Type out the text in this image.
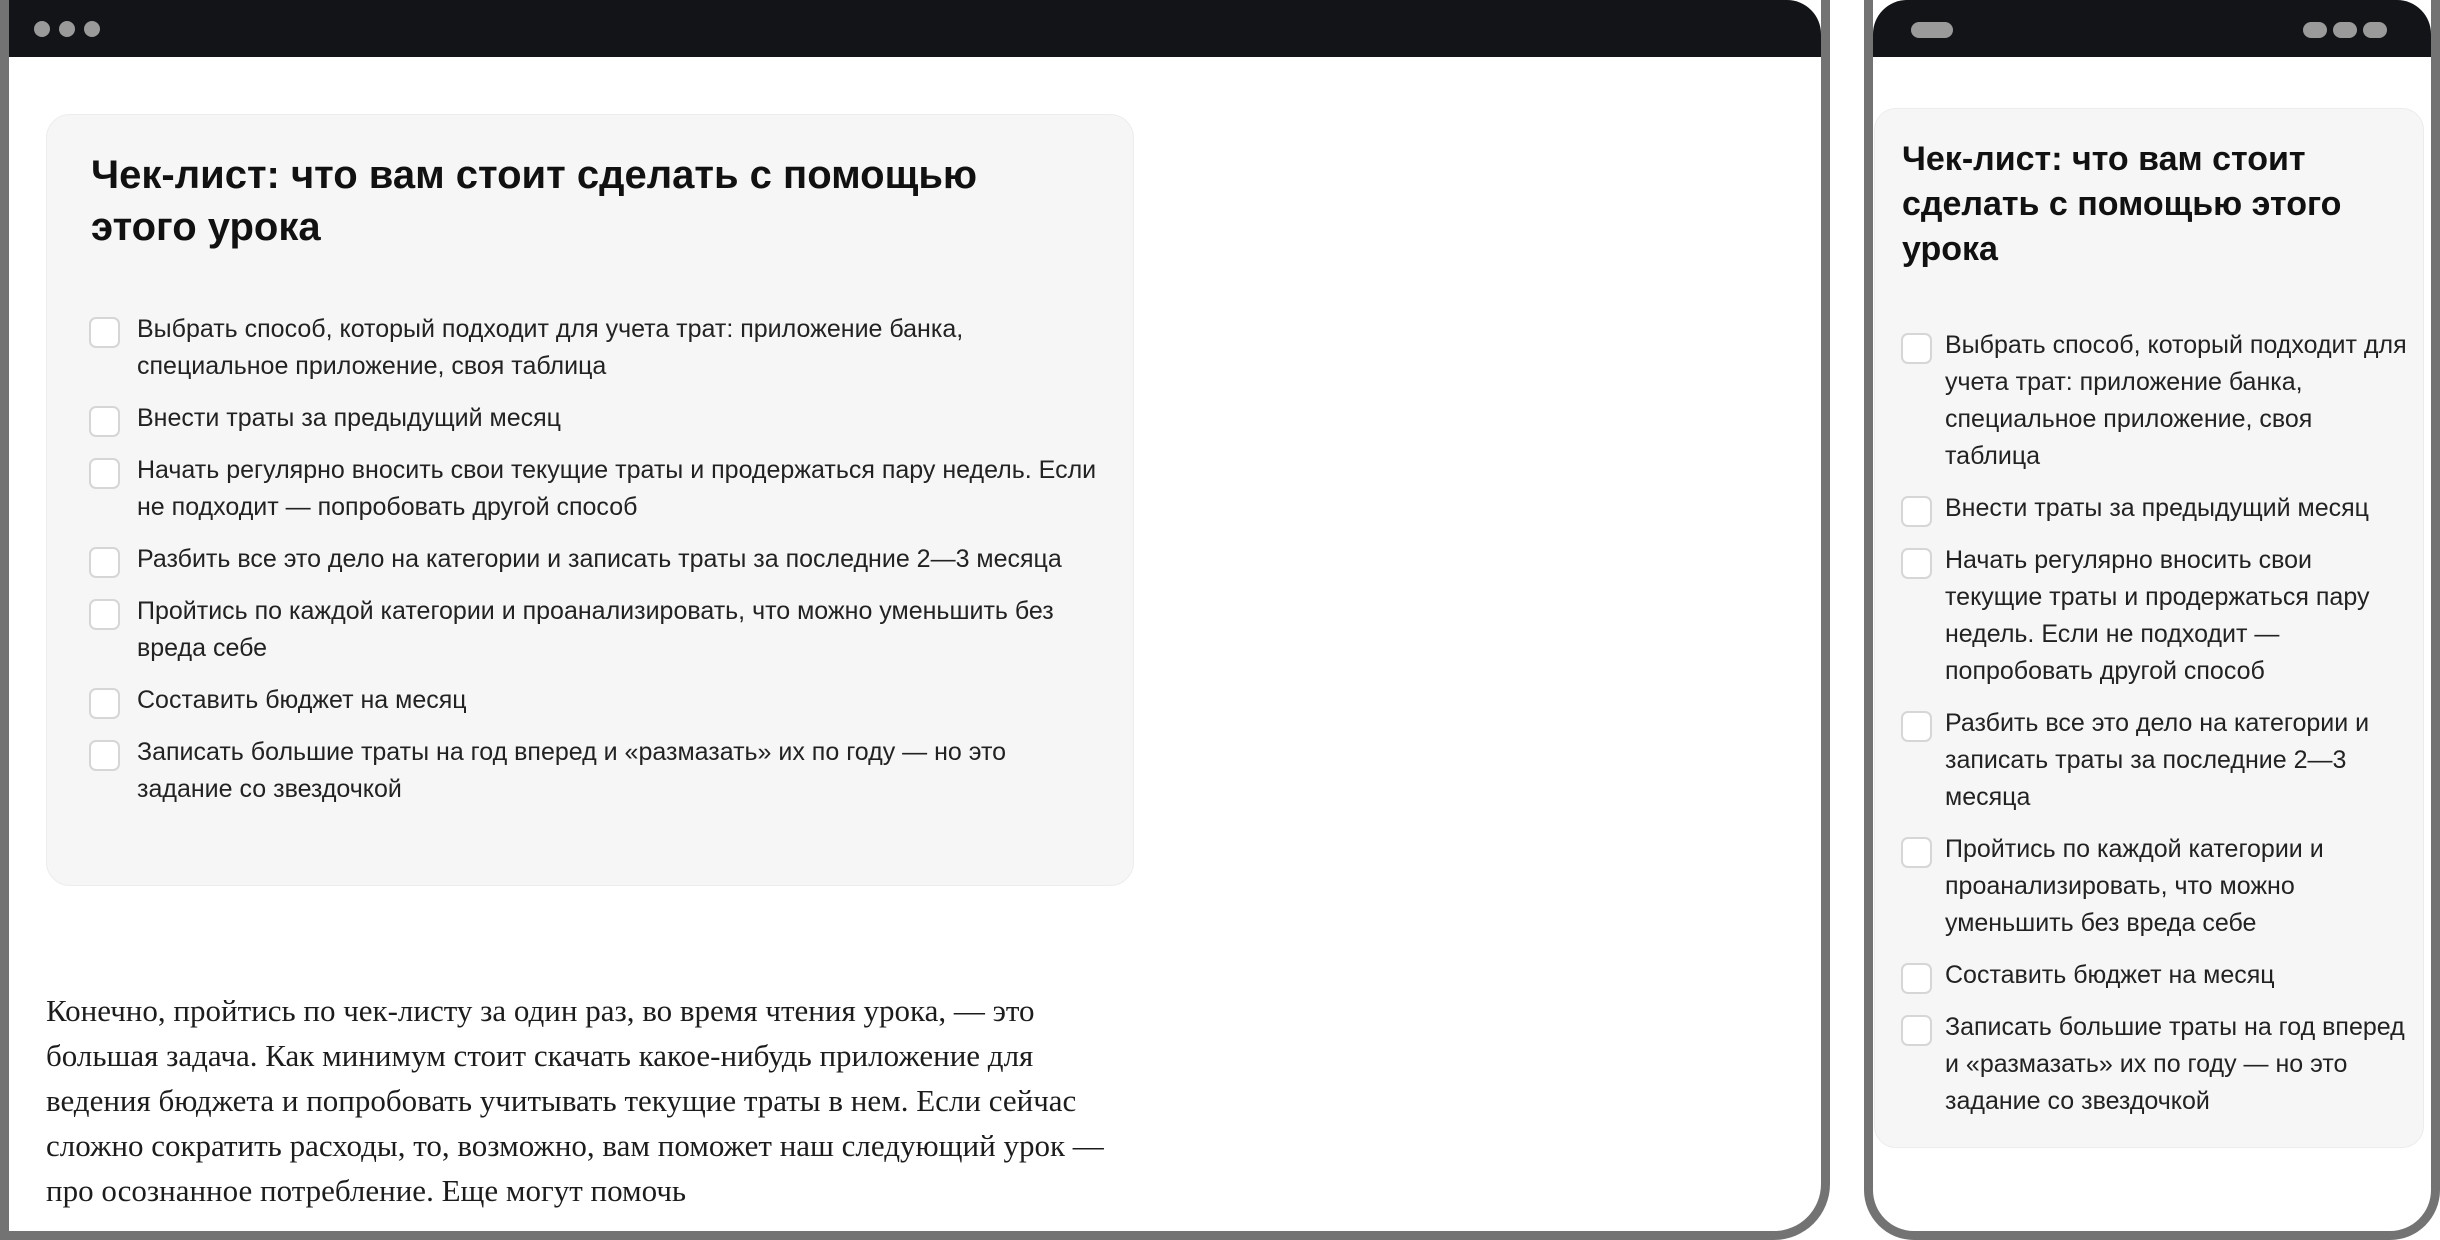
Чек-лист: что вам стоит сделать с помощью этого урока
Выбрать способ, который подходит для учета трат: приложение банка, специальное приложение, своя таблица
Внести траты за предыдущий месяц
Начать регулярно вносить свои текущие траты и продержаться пару недель. Если не подходит — попробовать другой способ
Разбить все это дело на категории и записать траты за последние 2—3 месяца
Пройтись по каждой категории и проанализировать, что можно уменьшить без вреда себе
Составить бюджет на месяц
Записать большие траты на год вперед и «размазать» их по году — но это задание со звездочкой

Конечно, пройтись по чек-листу за один раз, во время чтения урока, — это большая задача. Как минимум стоит скачать какое-нибудь приложение для ведения бюджета и попробовать учитывать текущие траты в нем. Если сейчас сложно сократить расходы, то, возможно, вам поможет наш следующий урок — про осознанное потребление. Еще могут помочь

Чек-лист: что вам стоит сделать с помощью этого урока
Выбрать способ, который подходит для учета трат: приложение банка, специальное приложение, своя таблица
Внести траты за предыдущий месяц
Начать регулярно вносить свои текущие траты и продержаться пару недель. Если не подходит — попробовать другой способ
Разбить все это дело на категории и записать траты за последние 2—3 месяца
Пройтись по каждой категории и проанализировать, что можно уменьшить без вреда себе
Составить бюджет на месяц
Записать большие траты на год вперед и «размазать» их по году — но это задание со звездочкой
